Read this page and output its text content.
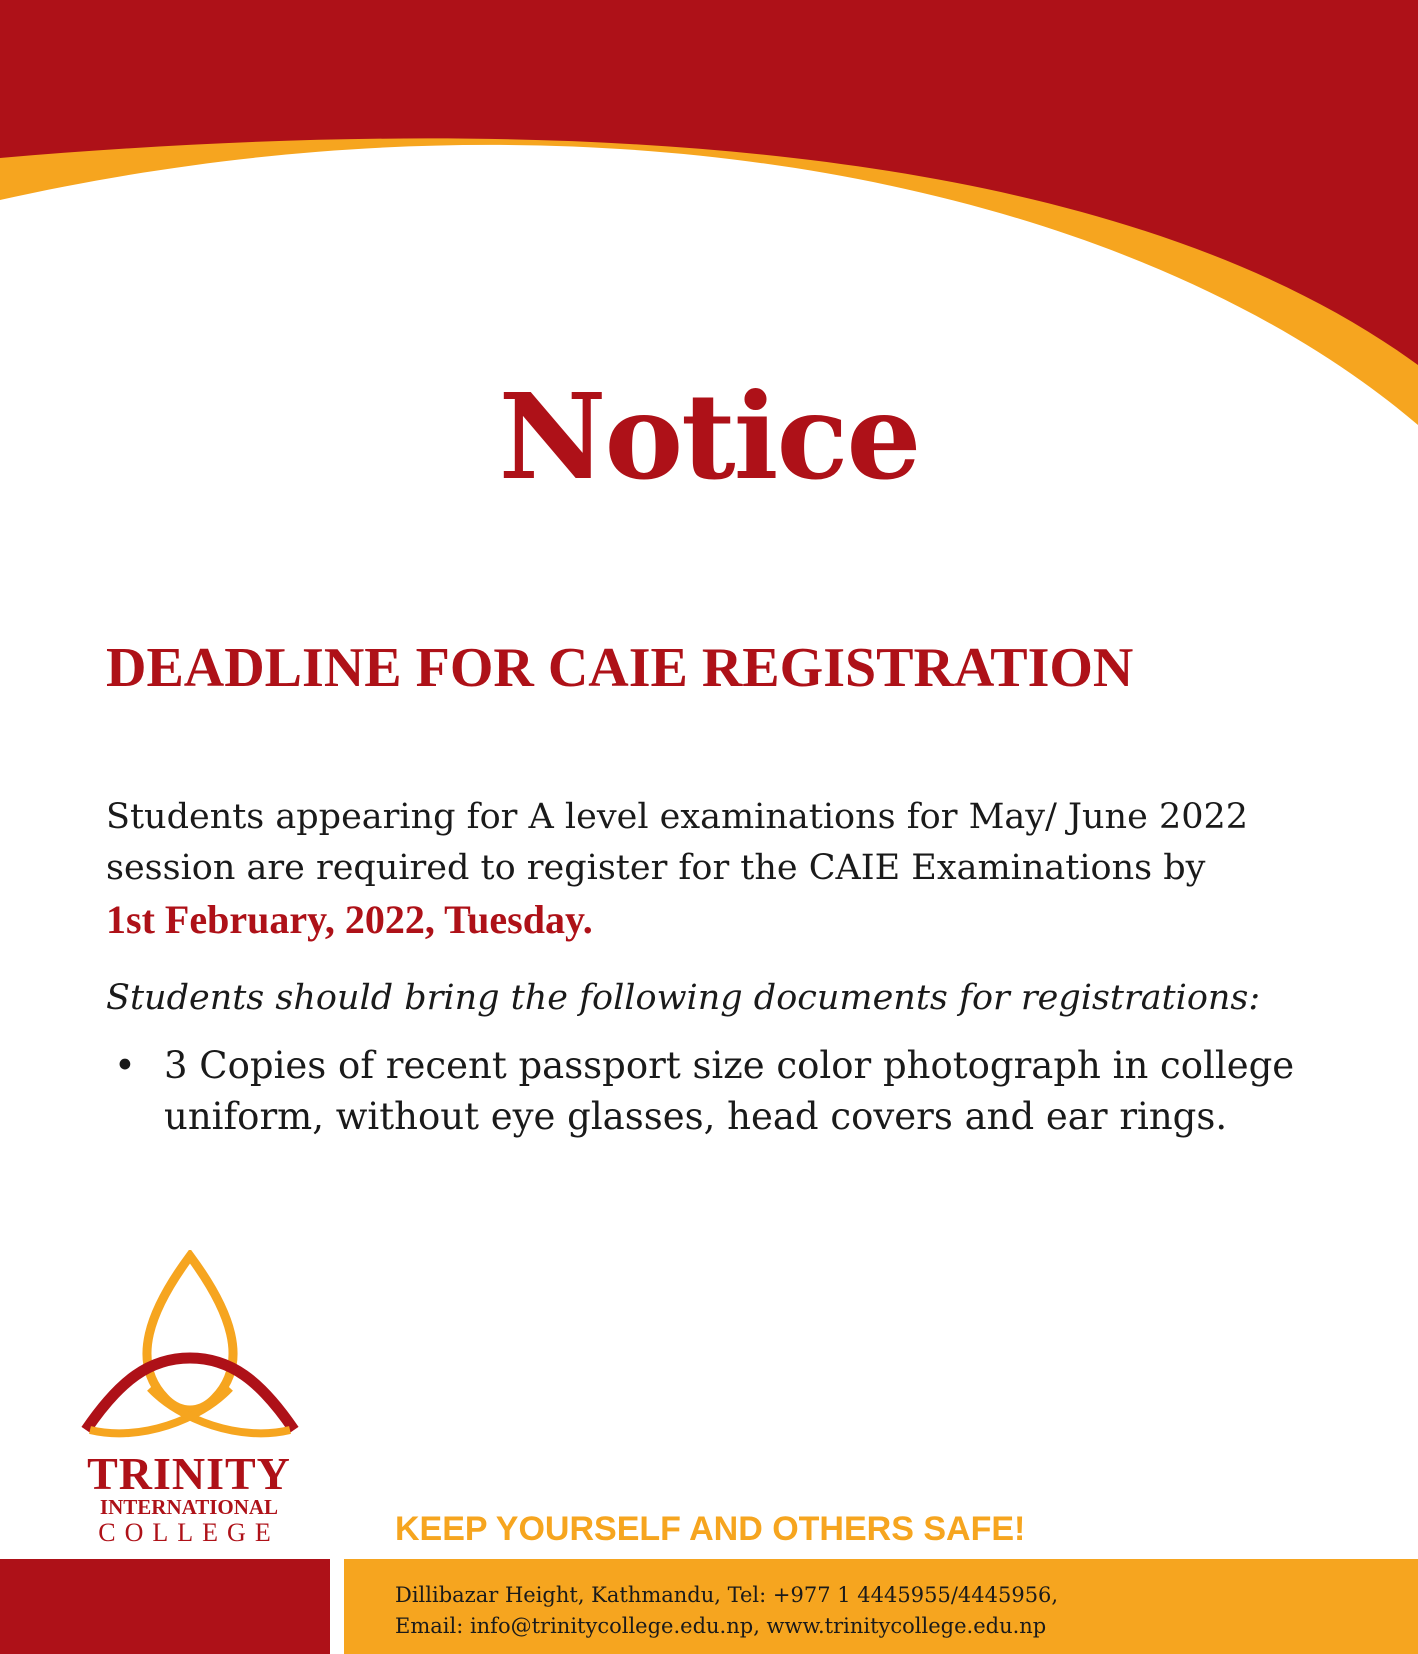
Notice
DEADLINE FOR CAIE REGISTRATION
Students appearing for A level examinations for May/ June 2022
session are required to register for the CAIE Examinations by
1st February, 2022, Tuesday.
Students should bring the following documents for registrations:
• 3 Copies of recent passport size color photograph in college
uniform, without eye glasses, head covers and ear rings.
TRINITY
INTERNATIONAL
COLLEGE	KEEP YOURSELF AND OTHERS SAFE!
Dillibazar Height, Kathmandu, Tel: +977 1 4445955/4445956,
Email: info@trinitycollege.edu.np, www.trinitycollege.edu.np
